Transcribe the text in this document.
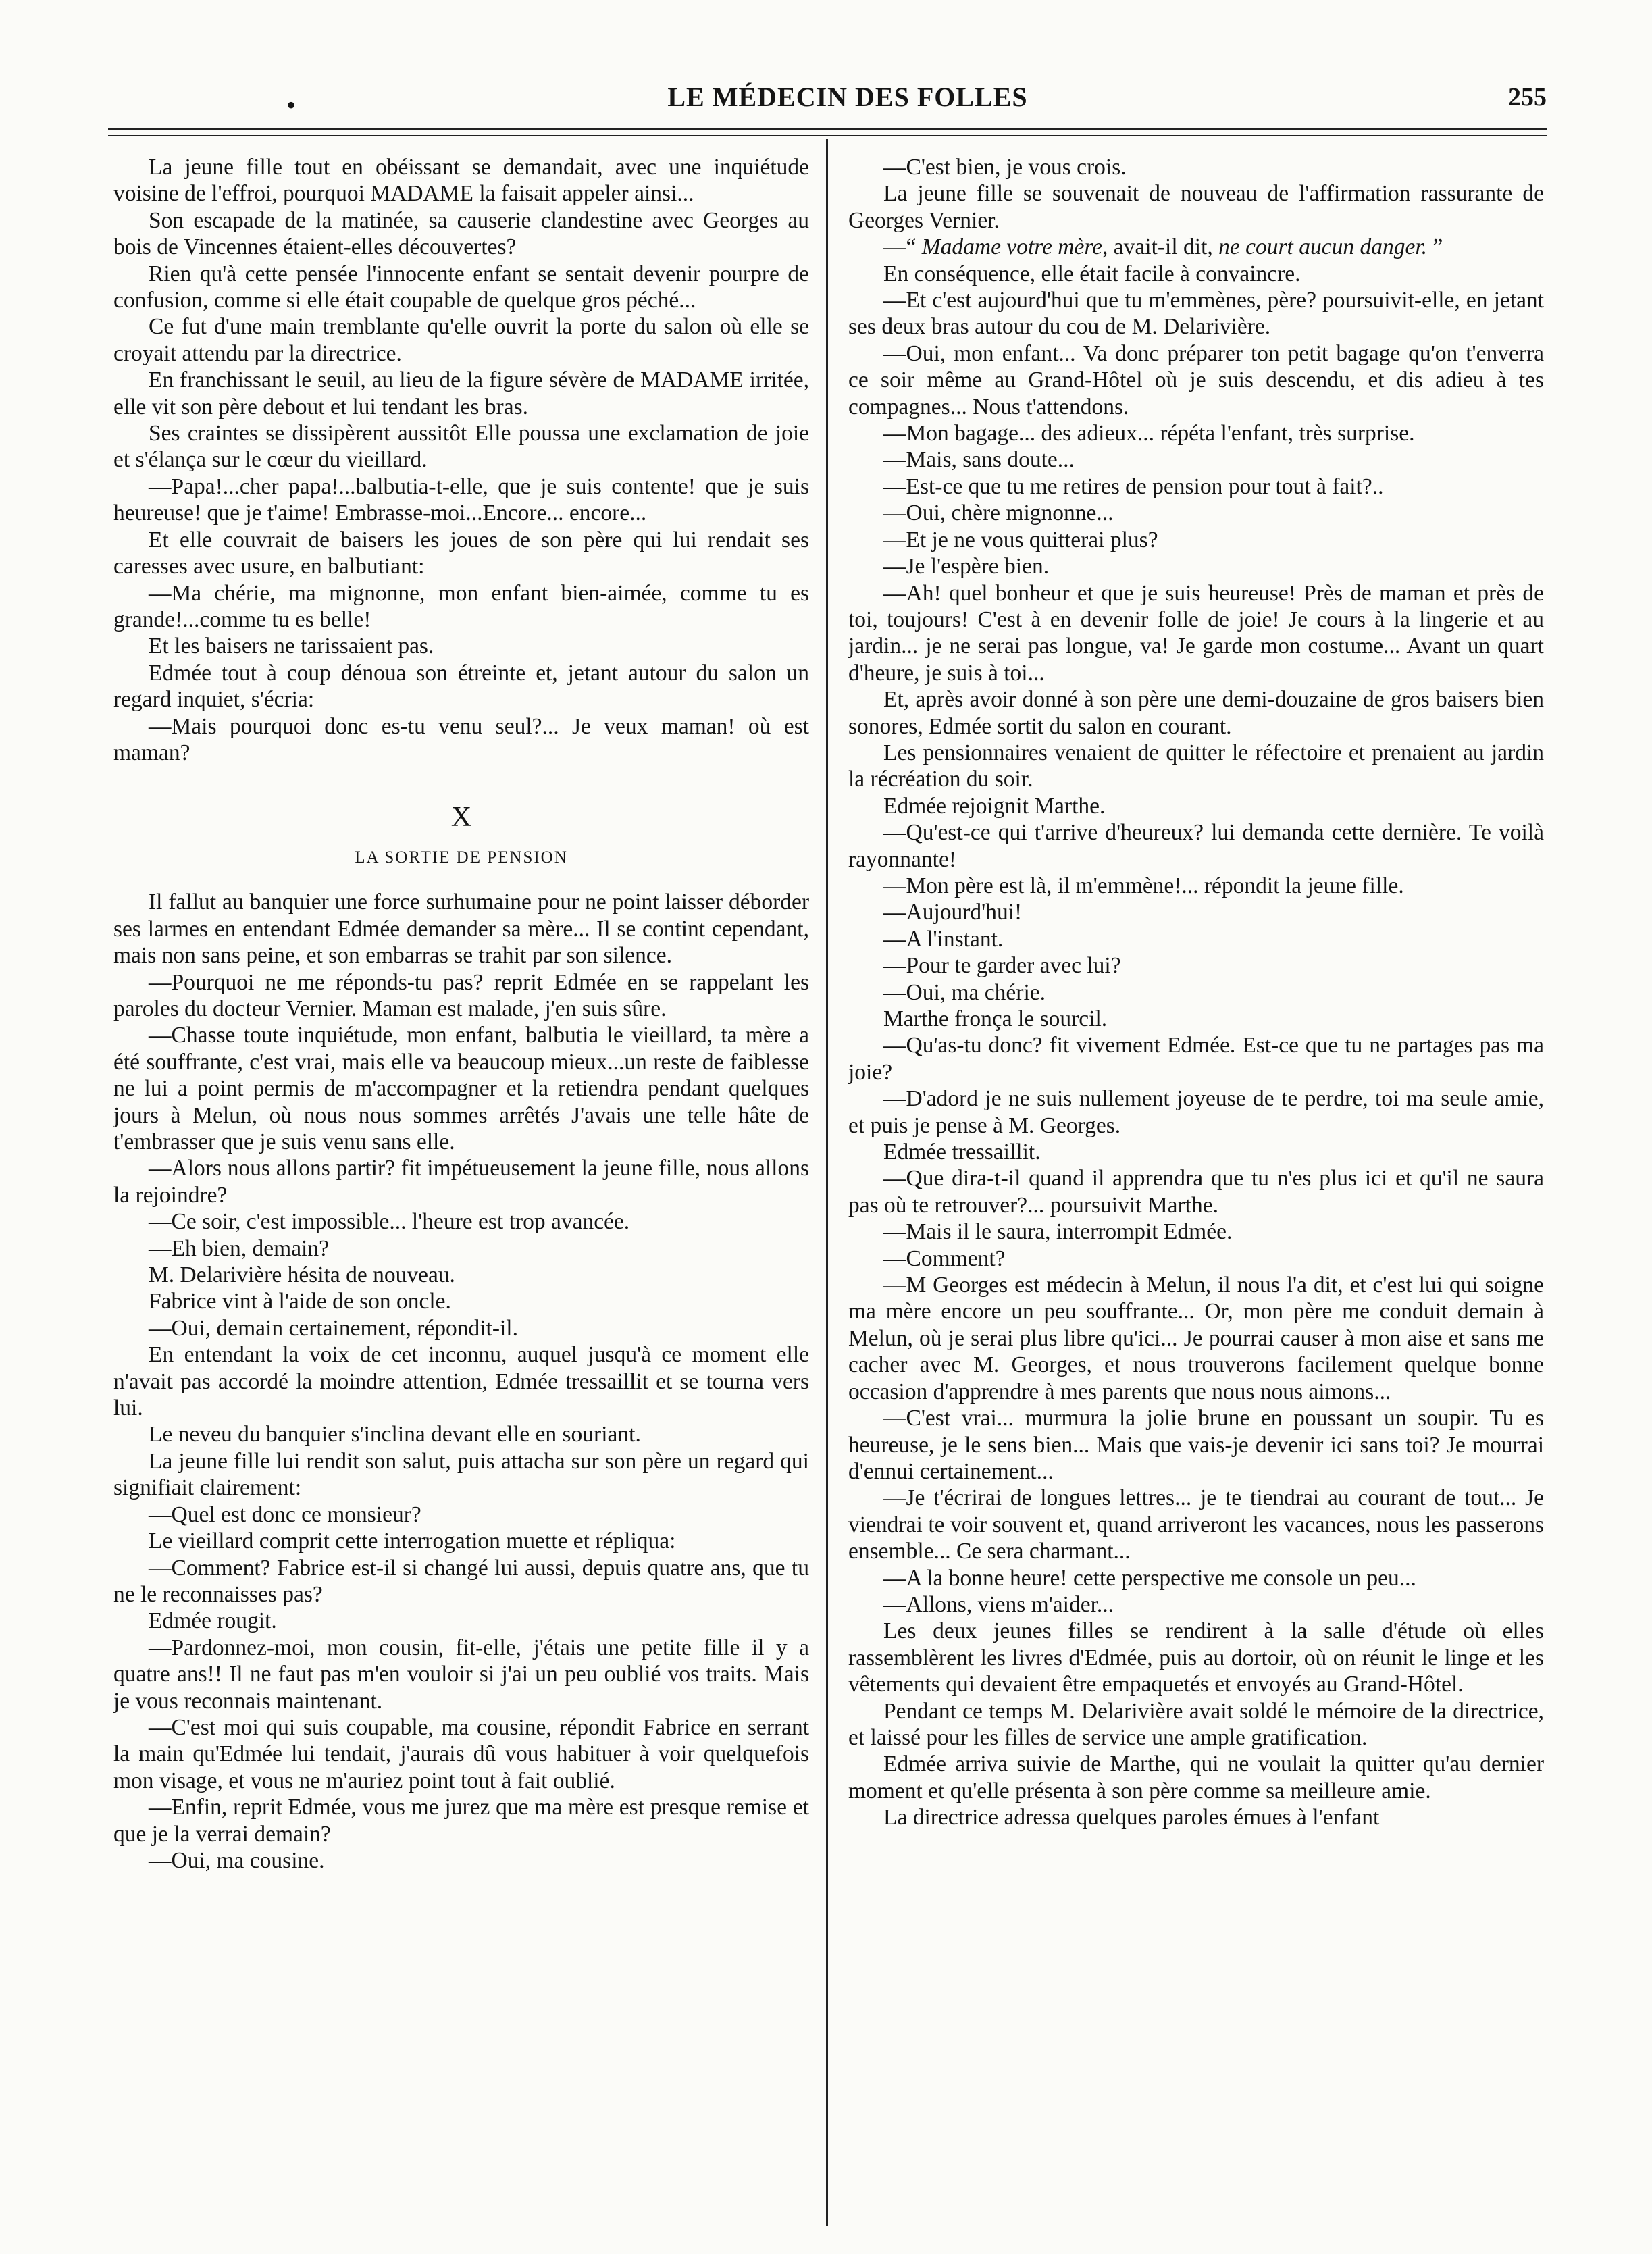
•	LE MÉDECIN DES FOLLES	255

La jeune fille tout en obéissant se demandait, avec une inquiétude voisine de l'effroi, pourquoi MADAME la faisait appeler ainsi...

Son escapade de la matinée, sa causerie clandestine avec Georges au bois de Vincennes étaient-elles découvertes?

Rien qu'à cette pensée l'innocente enfant se sentait devenir pourpre de confusion, comme si elle était coupable de quelque gros péché...

Ce fut d'une main tremblante qu'elle ouvrit la porte du salon où elle se croyait attendu par la directrice.

En franchissant le seuil, au lieu de la figure sévère de MADAME irritée, elle vit son père debout et lui tendant les bras.

Ses craintes se dissipèrent aussitôt Elle poussa une exclamation de joie et s'élança sur le cœur du vieillard.

—Papa!...cher papa!...balbutia-t-elle, que je suis contente! que je suis heureuse! que je t'aime! Embrasse-moi...Encore... encore...

Et elle couvrait de baisers les joues de son père qui lui rendait ses caresses avec usure, en balbutiant:

—Ma chérie, ma mignonne, mon enfant bien-aimée, comme tu es grande!...comme tu es belle!

Et les baisers ne tarissaient pas.

Edmée tout à coup dénoua son étreinte et, jetant autour du salon un regard inquiet, s'écria:

—Mais pourquoi donc es-tu venu seul?... Je veux maman! où est maman?

X
LA SORTIE DE PENSION

Il fallut au banquier une force surhumaine pour ne point laisser déborder ses larmes en entendant Edmée demander sa mère... Il se contint cependant, mais non sans peine, et son embarras se trahit par son silence.

—Pourquoi ne me réponds-tu pas? reprit Edmée en se rappelant les paroles du docteur Vernier. Maman est malade, j'en suis sûre.

—Chasse toute inquiétude, mon enfant, balbutia le vieillard, ta mère a été souffrante, c'est vrai, mais elle va beaucoup mieux...un reste de faiblesse ne lui a point permis de m'accompagner et la retiendra pendant quelques jours à Melun, où nous nous sommes arrêtés J'avais une telle hâte de t'embrasser que je suis venu sans elle.

—Alors nous allons partir? fit impétueusement la jeune fille, nous allons la rejoindre?

—Ce soir, c'est impossible... l'heure est trop avancée.

—Eh bien, demain?

M. Delarivière hésita de nouveau.

Fabrice vint à l'aide de son oncle.

—Oui, demain certainement, répondit-il.

En entendant la voix de cet inconnu, auquel jusqu'à ce moment elle n'avait pas accordé la moindre attention, Edmée tressaillit et se tourna vers lui.

Le neveu du banquier s'inclina devant elle en souriant.

La jeune fille lui rendit son salut, puis attacha sur son père un regard qui signifiait clairement:

—Quel est donc ce monsieur?

Le vieillard comprit cette interrogation muette et répliqua:

—Comment? Fabrice est-il si changé lui aussi, depuis quatre ans, que tu ne le reconnaisses pas?

Edmée rougit.

—Pardonnez-moi, mon cousin, fit-elle, j'étais une petite fille il y a quatre ans!! Il ne faut pas m'en vouloir si j'ai un peu oublié vos traits. Mais je vous reconnais maintenant.

—C'est moi qui suis coupable, ma cousine, répondit Fabrice en serrant la main qu'Edmée lui tendait, j'aurais dû vous habituer à voir quelquefois mon visage, et vous ne m'auriez point tout à fait oublié.

—Enfin, reprit Edmée, vous me jurez que ma mère est presque remise et que je la verrai demain?

—Oui, ma cousine.

—C'est bien, je vous crois.

La jeune fille se souvenait de nouveau de l'affirmation rassurante de Georges Vernier.

—“ Madame votre mère, avait-il dit, ne court aucun danger. ”

En conséquence, elle était facile à convaincre.

—Et c'est aujourd'hui que tu m'emmènes, père? poursuivit-elle, en jetant ses deux bras autour du cou de M. Delarivière.

—Oui, mon enfant... Va donc préparer ton petit bagage qu'on t'enverra ce soir même au Grand-Hôtel où je suis descendu, et dis adieu à tes compagnes... Nous t'attendons.

—Mon bagage... des adieux... répéta l'enfant, très surprise.

—Mais, sans doute...

—Est-ce que tu me retires de pension pour tout à fait?..

—Oui, chère mignonne...

—Et je ne vous quitterai plus?

—Je l'espère bien.

—Ah! quel bonheur et que je suis heureuse! Près de maman et près de toi, toujours! C'est à en devenir folle de joie! Je cours à la lingerie et au jardin... je ne serai pas longue, va! Je garde mon costume... Avant un quart d'heure, je suis à toi...

Et, après avoir donné à son père une demi-douzaine de gros baisers bien sonores, Edmée sortit du salon en courant.

Les pensionnaires venaient de quitter le réfectoire et prenaient au jardin la récréation du soir.

Edmée rejoignit Marthe.

—Qu'est-ce qui t'arrive d'heureux? lui demanda cette dernière. Te voilà rayonnante!

—Mon père est là, il m'emmène!... répondit la jeune fille.

—Aujourd'hui!

—A l'instant.

—Pour te garder avec lui?

—Oui, ma chérie.

Marthe fronça le sourcil.

—Qu'as-tu donc? fit vivement Edmée. Est-ce que tu ne partages pas ma joie?

—D'adord je ne suis nullement joyeuse de te perdre, toi ma seule amie, et puis je pense à M. Georges.

Edmée tressaillit.

—Que dira-t-il quand il apprendra que tu n'es plus ici et qu'il ne saura pas où te retrouver?... poursuivit Marthe.

—Mais il le saura, interrompit Edmée.

—Comment?

—M Georges est médecin à Melun, il nous l'a dit, et c'est lui qui soigne ma mère encore un peu souffrante... Or, mon père me conduit demain à Melun, où je serai plus libre qu'ici... Je pourrai causer à mon aise et sans me cacher avec M. Georges, et nous trouverons facilement quelque bonne occasion d'apprendre à mes parents que nous nous aimons...

—C'est vrai... murmura la jolie brune en poussant un soupir. Tu es heureuse, je le sens bien... Mais que vais-je devenir ici sans toi? Je mourrai d'ennui certainement...

—Je t'écrirai de longues lettres... je te tiendrai au courant de tout... Je viendrai te voir souvent et, quand arriveront les vacances, nous les passerons ensemble... Ce sera charmant...

—A la bonne heure! cette perspective me console un peu...

—Allons, viens m'aider...

Les deux jeunes filles se rendirent à la salle d'étude où elles rassemblèrent les livres d'Edmée, puis au dortoir, où on réunit le linge et les vêtements qui devaient être empaquetés et envoyés au Grand-Hôtel.

Pendant ce temps M. Delarivière avait soldé le mémoire de la directrice, et laissé pour les filles de service une ample gratification.

Edmée arriva suivie de Marthe, qui ne voulait la quitter qu'au dernier moment et qu'elle présenta à son père comme sa meilleure amie.

La directrice adressa quelques paroles émues à l'enfant
